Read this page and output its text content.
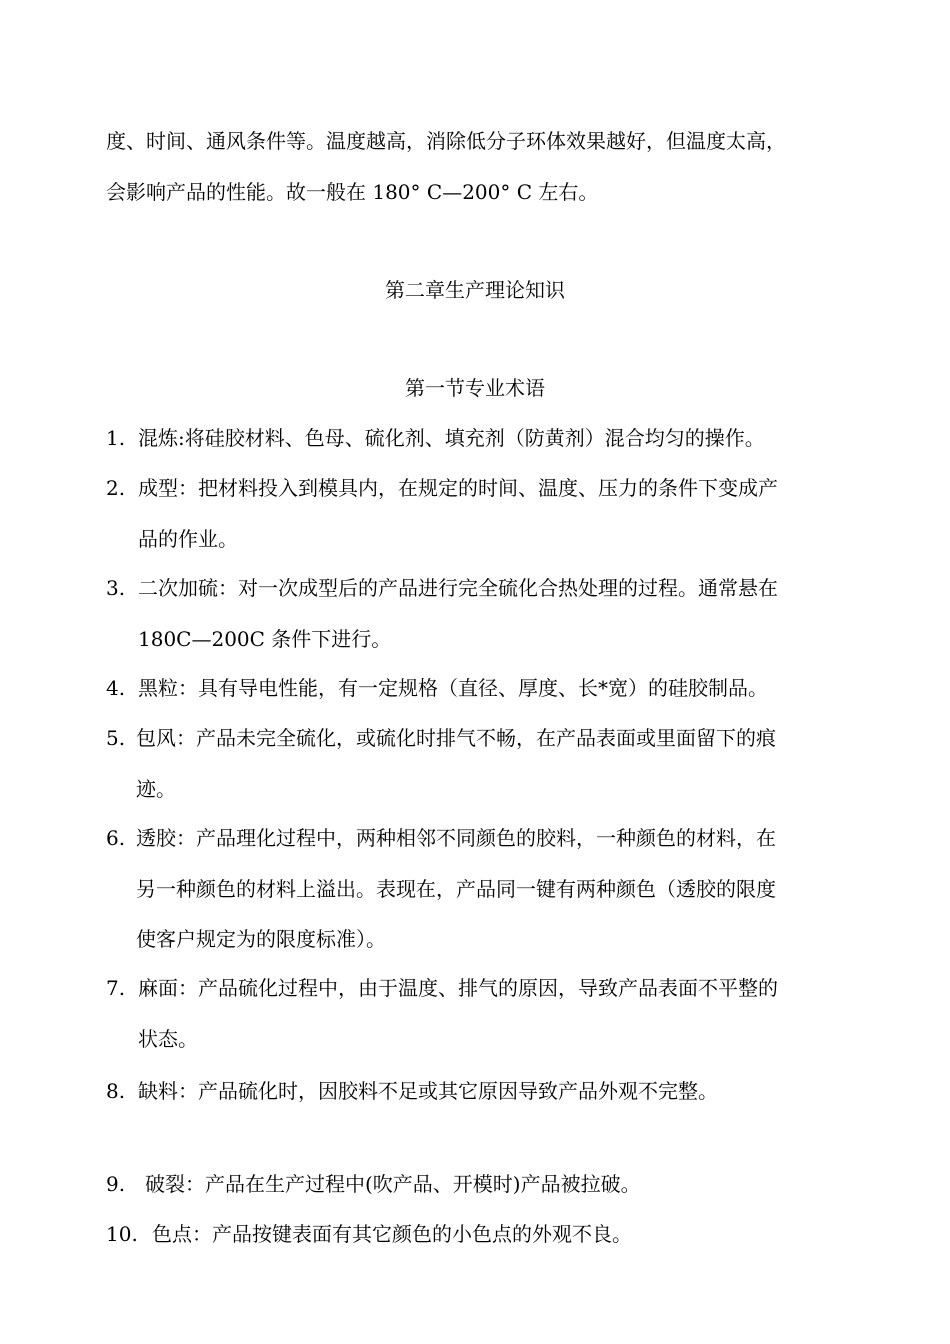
度、时间、通风条件等。温度越高，消除低分子环体效果越好，但温度太高，
会影响产品的性能。故一般在 180° C—200° C 左右。
第二章生产理论知识
第一节专业术语
1. 混炼:将硅胶材料、色母、硫化剂、填充剂（防黄剂）混合均匀的操作。
2. 成型：把材料投入到模具内，在规定的时间、温度、压力的条件下变成产
品的作业。
3. 二次加硫：对一次成型后的产品进行完全硫化合热处理的过程。通常悬在
180C—200C 条件下进行。
4. 黑粒：具有导电性能，有一定规格（直径、厚度、长*宽）的硅胶制品。
5. 包风：产品未完全硫化，或硫化时排气不畅，在产品表面或里面留下的痕
迹。
6. 透胶：产品理化过程中，两种相邻不同颜色的胶料，一种颜色的材料，在
另一种颜色的材料上溢出。表现在，产品同一键有两种颜色（透胶的限度
使客户规定为的限度标准）。
7. 麻面：产品硫化过程中，由于温度、排气的原因，导致产品表面不平整的
状态。
8. 缺料：产品硫化时，因胶料不足或其它原因导致产品外观不完整。
9. 破裂：产品在生产过程中(吹产品、开模时)产品被拉破。
10. 色点：产品按键表面有其它颜色的小色点的外观不良。
